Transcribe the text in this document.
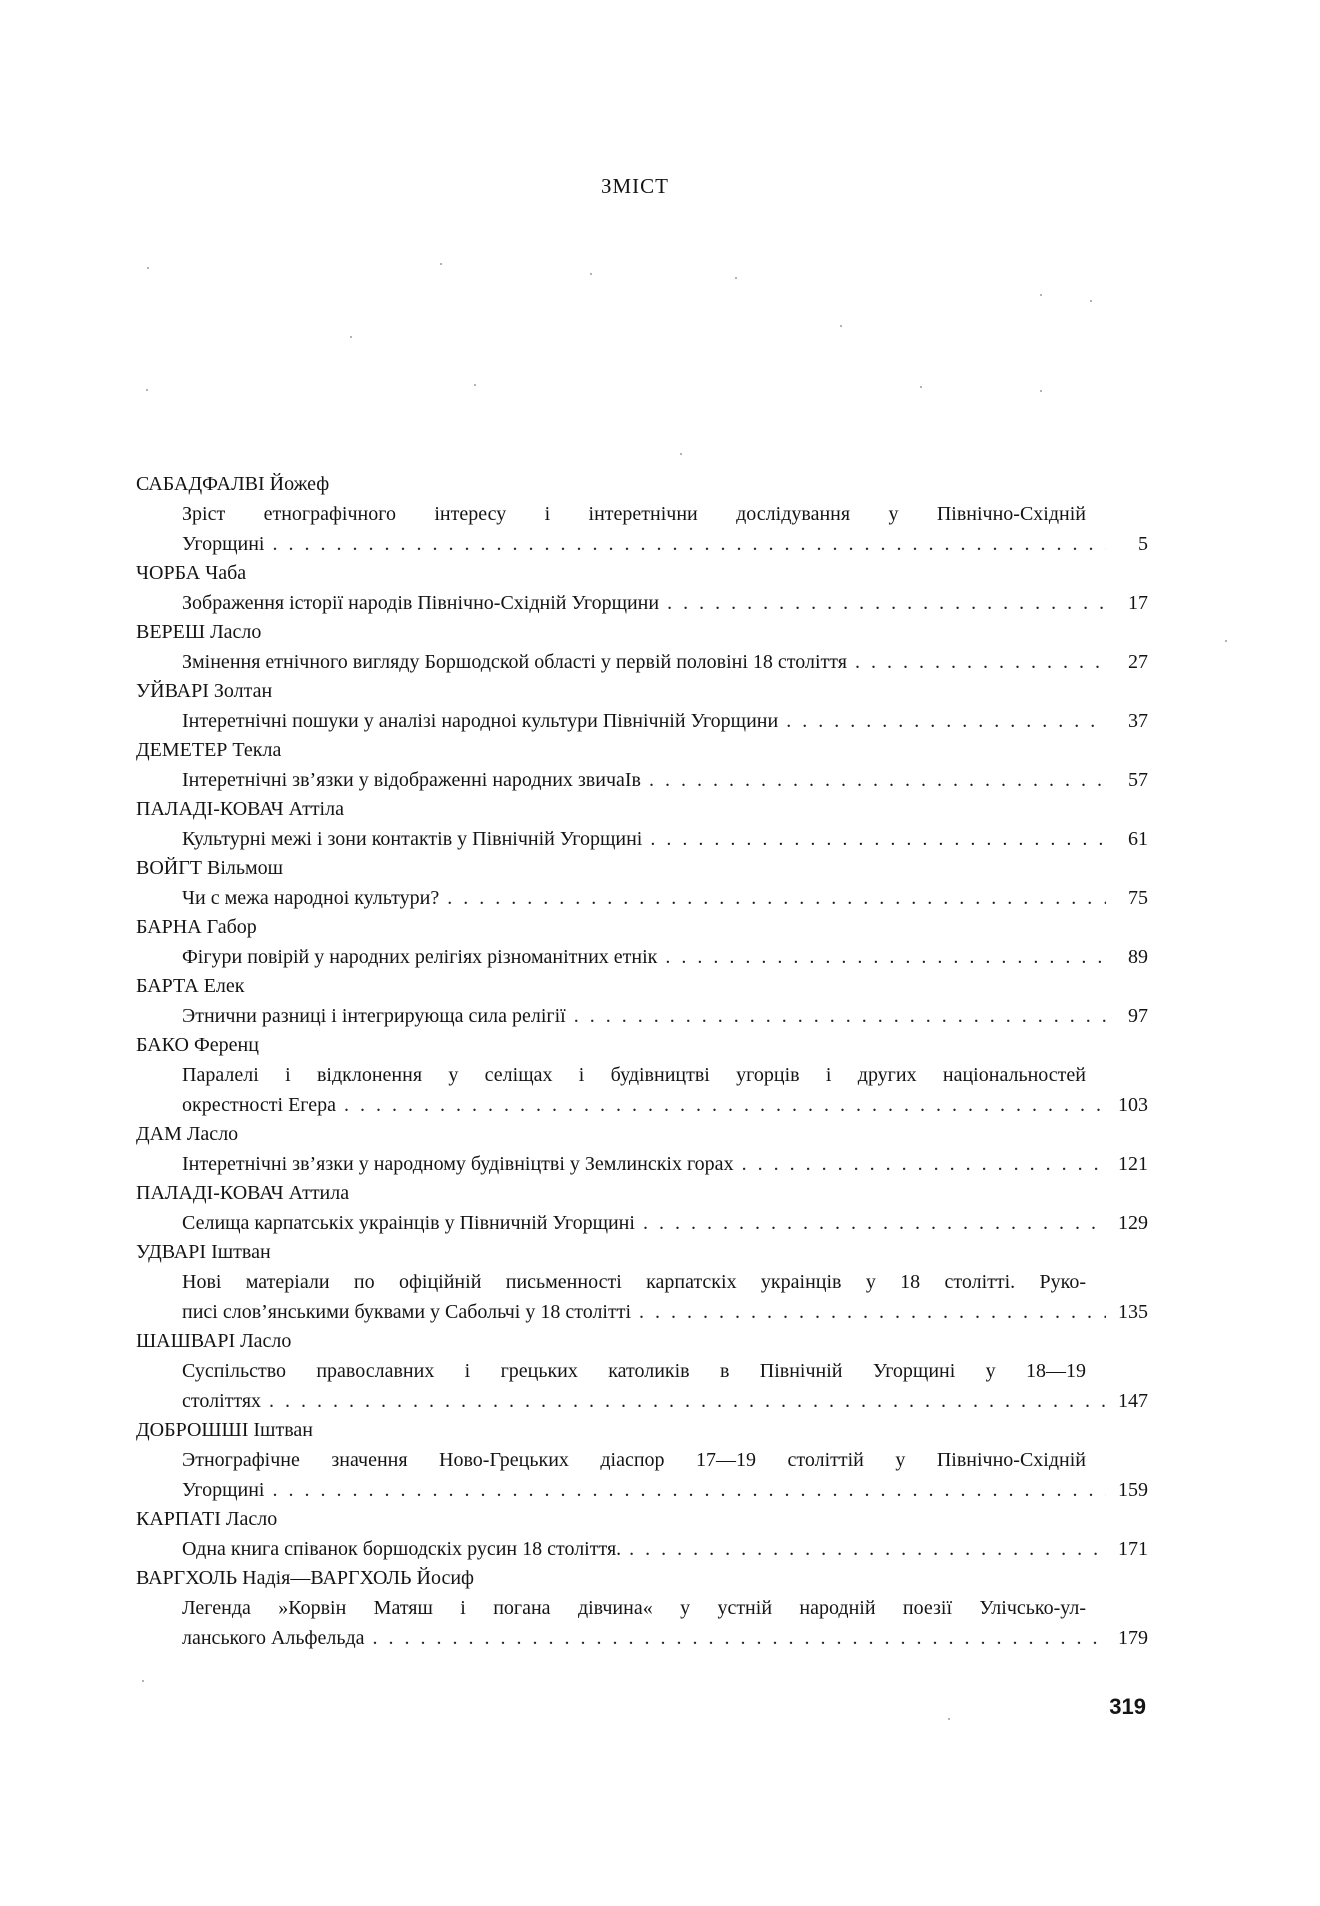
ЗМІСТ
САБАДФАЛВІ Йожеф
Зріст етнографічного інтересу і інтеретнічни дослідування у Північно-Східній
Угорщині . . .	5
ЧОРБА Чаба
Зображення історії народів Північно-Східній Угорщини . . .	17
ВЕРЕШ Ласло
Змінення етнічного вигляду Боршодской області у первій половіні 18 століття . . .	27
УЙВАРІ Золтан
Інтеретнічні пошуки у аналізі народноі культури Північній Угорщини . . .	37
ДЕМЕТЕР Текла
Інтеретнічні зв’язки у відображенні народних звичаІв . . .	57
ПАЛАДІ-КОВАЧ Аттіла
Культурні межі і зони контактів у Північній Угорщині . . .	61
ВОЙГТ Вільмош
Чи с межа народноі культури? . . .	75
БАРНА Габор
Фігури повірій у народних релігіях різноманітних етнік . . .	89
БАРТА Елек
Этнични разниці і інтегрирующа сила релігії . . .	97
БАКО Ференц
Паралелі і відклонення у селіщах і будівництві угорців і других національностей
окрестності Егера . . .	103
ДАМ Ласло
Інтеретнічні зв’язки у народному будівніцтві у Землинскіх горах . . .	121
ПАЛАДІ-КОВАЧ Аттила
Селища карпатськіх украінців у Півничній Угорщині . . .	129
УДВАРІ Іштван
Нові матеріали по офіційній письменності карпатскіх украінців у 18 столітті. Руко-
писі слов’янськими буквами у Сабольчі у 18 столітті . . .	135
ШАШВАРІ Ласло
Суспільство православних і грецьких католиків в Північній Угорщині у 18—19
століттях . . .	147
ДОБРОШШІ Іштван
Этнографічне значення Ново-Грецьких діаспор 17—19 століттій у Північно-Східній
Угорщині . . .	159
КАРПАТІ Ласло
Одна книга співанок боршодскіх русин 18 століття. . . .	171
ВАРГХОЛЬ Надія—ВАРГХОЛЬ Йосиф
Легенда »Корвін Матяш і погана дівчина« у устній народній поезії Улічсько-ул-
ланського Альфельда . . .	179
319
